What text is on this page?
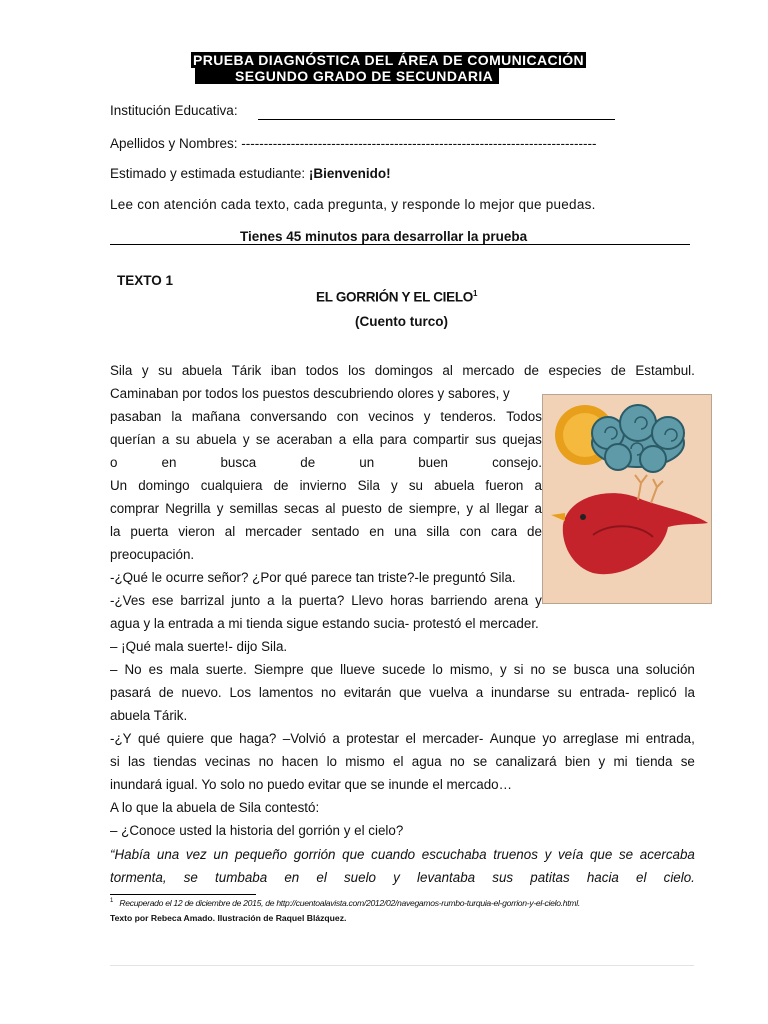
PRUEBA DIAGNÓSTICA DEL ÁREA DE COMUNICACIÓN
SEGUNDO GRADO DE SECUNDARIA
Institución Educativa:
Apellidos y Nombres: -------------------------------------------------------------------------------
Estimado y estimada estudiante: ¡Bienvenido!
Lee con atención cada texto, cada pregunta, y responde lo mejor que puedas.
Tienes 45 minutos para desarrollar la prueba
TEXTO 1
EL GORRIÓN Y EL CIELO$^1$
(Cuento turco)
Sila y su abuela Tárik iban todos los domingos al mercado de especies de Estambul.
Caminaban por todos los puestos descubriendo olores y sabores, y
pasaban la mañana conversando con vecinos y tenderos. Todos
querían a su abuela y se aceraban a ella para compartir sus quejas
o	en	busca	de	un	buen	consejo.
Un domingo cualquiera de invierno Sila y su abuela fueron a
comprar Negrilla y semillas secas al puesto de siempre, y al llegar a
la puerta vieron al mercader sentado en una silla con cara de
preocupación.
-¿Qué le ocurre señor? ¿Por qué parece tan triste?-le preguntó Sila.
-¿Ves ese barrizal junto a la puerta? Llevo horas barriendo arena y
agua y la entrada a mi tienda sigue estando sucia- protestó el mercader.
– ¡Qué mala suerte!- dijo Sila.
– No es mala suerte. Siempre que llueve sucede lo mismo, y si no se busca una solución
pasará de nuevo. Los lamentos no evitarán que vuelva a inundarse su entrada- replicó la
abuela Tárik.
-¿Y qué quiere que haga? –Volvió a protestar el mercader- Aunque yo arreglase mi entrada,
si las tiendas vecinas no hacen lo mismo el agua no se canalizará bien y mi tienda se
inundará igual. Yo solo no puedo evitar que se inunde el mercado…
A lo que la abuela de Sila contestó:
– ¿Conoce usted la historia del gorrión y el cielo?
“Había una vez un pequeño gorrión que cuando escuchaba truenos y veía que se acercaba
tormenta, se tumbaba en el suelo y levantaba sus patitas hacia el cielo.
$^1$ Recuperado el 12 de diciembre de 2015, de http://cuentoalavista.com/2012/02/navegamos-rumbo-turquia-el-gorrion-y-el-cielo.html.
Texto por Rebeca Amado. Ilustración de Raquel Blázquez.
